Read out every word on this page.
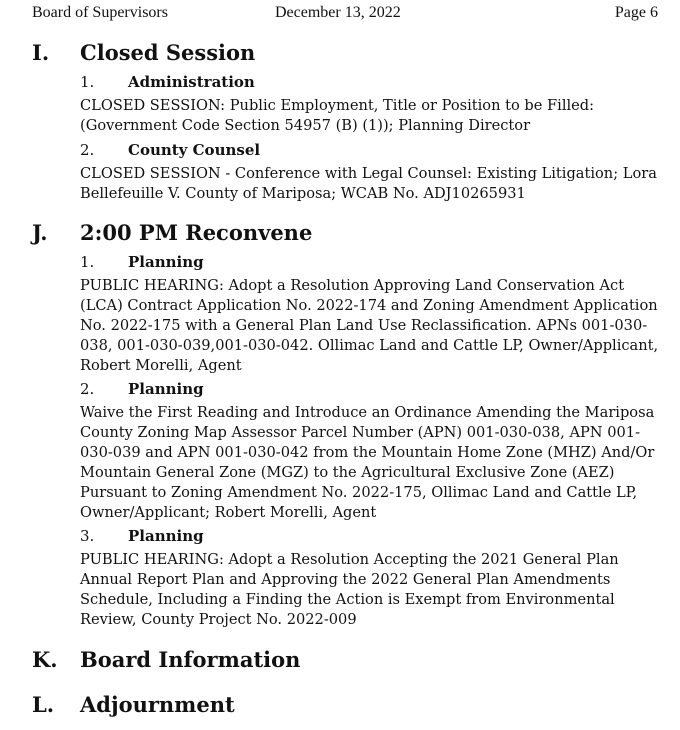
Board of Supervisors	December 13, 2022	Page 6
I. Closed Session
1. Administration
CLOSED SESSION: Public Employment, Title or Position to be Filled: (Government Code Section 54957 (B) (1)); Planning Director
2. County Counsel
CLOSED SESSION - Conference with Legal Counsel: Existing Litigation; Lora Bellefeuille V. County of Mariposa; WCAB No. ADJ10265931
J. 2:00 PM Reconvene
1. Planning
PUBLIC HEARING: Adopt a Resolution Approving Land Conservation Act (LCA) Contract Application No. 2022-174 and Zoning Amendment Application No. 2022-175 with a General Plan Land Use Reclassification. APNs 001-030-038, 001-030-039,001-030-042. Ollimac Land and Cattle LP, Owner/Applicant, Robert Morelli, Agent
2. Planning
Waive the First Reading and Introduce an Ordinance Amending the Mariposa County Zoning Map Assessor Parcel Number (APN) 001-030-038, APN 001-030-039 and APN 001-030-042 from the Mountain Home Zone (MHZ) And/Or Mountain General Zone (MGZ) to the Agricultural Exclusive Zone (AEZ) Pursuant to Zoning Amendment No. 2022-175, Ollimac Land and Cattle LP, Owner/Applicant; Robert Morelli, Agent
3. Planning
PUBLIC HEARING: Adopt a Resolution Accepting the 2021 General Plan Annual Report Plan and Approving the 2022 General Plan Amendments Schedule, Including a Finding the Action is Exempt from Environmental Review, County Project No. 2022-009
K. Board Information
L. Adjournment
